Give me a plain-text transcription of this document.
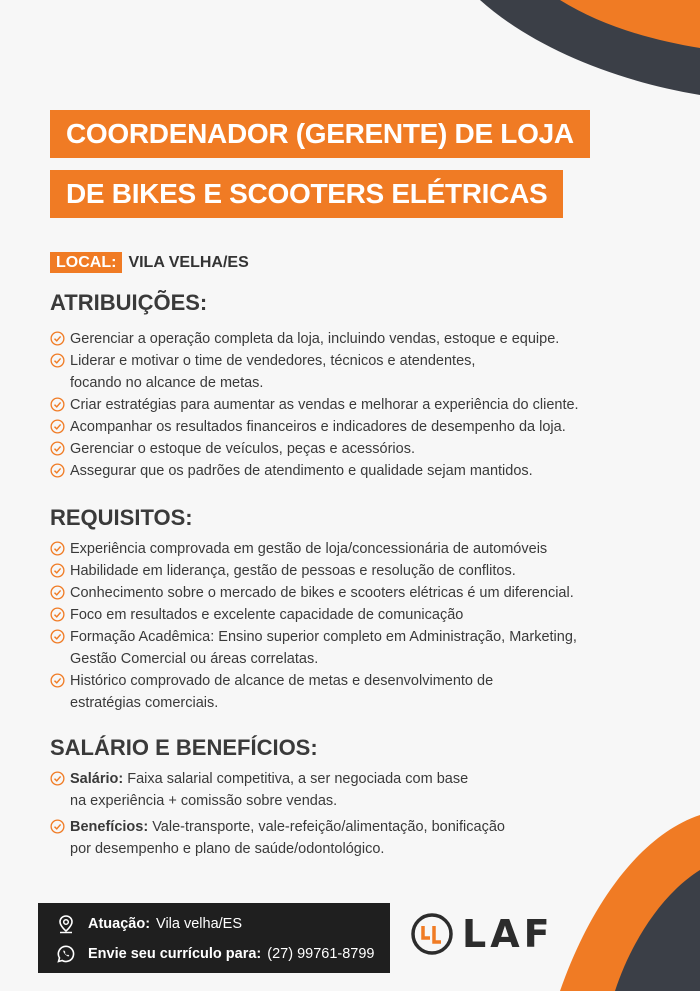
COORDENADOR (GERENTE) DE LOJA
DE BIKES E SCOOTERS ELÉTRICAS
LOCAL: VILA VELHA/ES
ATRIBUIÇÕES:
Gerenciar a operação completa da loja, incluindo vendas, estoque e equipe.
Liderar e motivar o time de vendedores, técnicos e atendentes,
focando no alcance de metas.
Criar estratégias para aumentar as vendas e melhorar a experiência do cliente.
Acompanhar os resultados financeiros e indicadores de desempenho da loja.
Gerenciar o estoque de veículos, peças e acessórios.
Assegurar que os padrões de atendimento e qualidade sejam mantidos.
REQUISITOS:
Experiência comprovada em gestão de loja/concessionária de automóveis
Habilidade em liderança, gestão de pessoas e resolução de conflitos.
Conhecimento sobre o mercado de bikes e scooters elétricas é um diferencial.
Foco em resultados e excelente capacidade de comunicação
Formação Acadêmica: Ensino superior completo em Administração, Marketing,
Gestão Comercial ou áreas correlatas.
Histórico comprovado de alcance de metas e desenvolvimento de
estratégias comerciais.
SALÁRIO E BENEFÍCIOS:
Salário: Faixa salarial competitiva, a ser negociada com base
na experiência + comissão sobre vendas.
Benefícios: Vale-transporte, vale-refeição/alimentação, bonificação
por desempenho e plano de saúde/odontológico.
Atuação: Vila velha/ES
Envie seu currículo para: (27) 99761-8799 LAF
